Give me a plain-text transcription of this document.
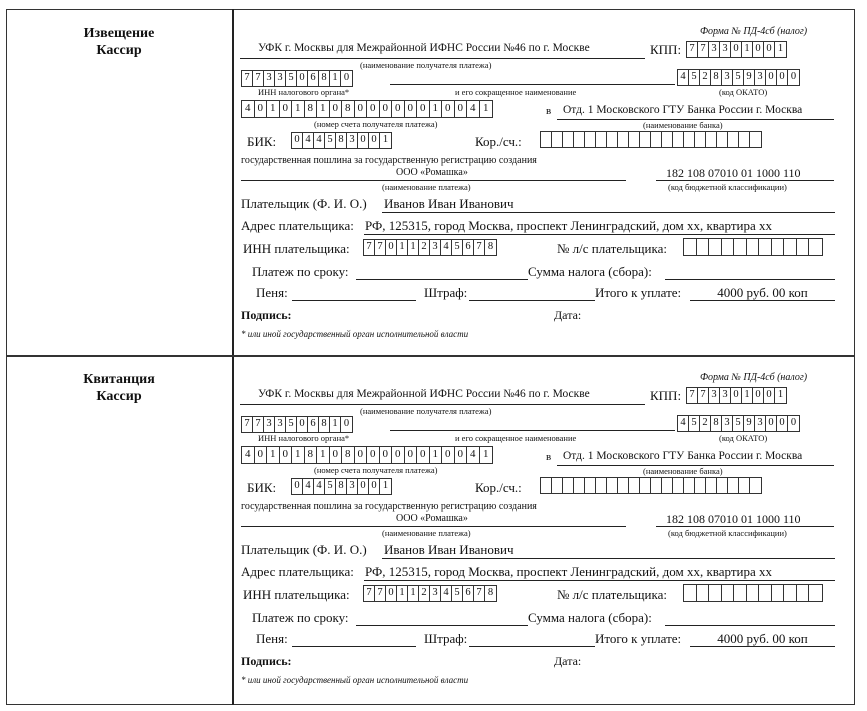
Извещение
Кассир
Форма № ПД-4сб (налог)
УФК г. Москвы для Межрайонной ИФНС России №46 по г. Москве
(наименование получателя платежа)
КПП: 7 7 3 3 0 1 0 0 1
7 7 3 3 5 0 6 8 1 0	4 5 2 8 3 5 9 3 0 0 0
ИНН налогового органа*	и его сокращенное наименование	(код ОКАТО)
4 0 1 0 1 8 1 0 8 0 0 0 0 0 0 1 0 0 4 1	в Отд. 1 Московского ГТУ Банка России г. Москва
(номер счета получателя платежа)	(наименование банка)
БИК: 0 4 4 5 8 3 0 0 1	Кор./сч.:
государственная пошлина за государственную регистрацию создания
ООО «Ромашка»
(наименование платежа)
182 108 07010 01 1000 110
(код бюджетной классификации)
Плательщик (Ф. И. О.) Иванов Иван Иванович
Адрес плательщика: РФ, 125315, город Москва, проспект Ленинградский, дом хх, квартира хх
ИНН плательщика: 7 7 0 1 1 2 3 4 5 6 7 8	№ л/с плательщика:
Платеж по сроку:	Сумма налога (сбора):
Пеня:	Штраф:	Итого к уплате:	4000 руб. 00 коп
Подпись:	Дата:
* или иной государственный орган исполнительной власти
Квитанция
Кассир
Форма № ПД-4сб (налог)
УФК г. Москвы для Межрайонной ИФНС России №46 по г. Москве
(наименование получателя платежа)
КПП: 7 7 3 3 0 1 0 0 1
7 7 3 3 5 0 6 8 1 0	4 5 2 8 3 5 9 3 0 0 0
ИНН налогового органа*	и его сокращенное наименование	(код ОКАТО)
4 0 1 0 1 8 1 0 8 0 0 0 0 0 0 1 0 0 4 1	в Отд. 1 Московского ГТУ Банка России г. Москва
(номер счета получателя платежа)	(наименование банка)
БИК: 0 4 4 5 8 3 0 0 1	Кор./сч.:
государственная пошлина за государственную регистрацию создания
ООО «Ромашка»
(наименование платежа)
182 108 07010 01 1000 110
(код бюджетной классификации)
Плательщик (Ф. И. О.) Иванов Иван Иванович
Адрес плательщика: РФ, 125315, город Москва, проспект Ленинградский, дом хх, квартира хх
ИНН плательщика: 7 7 0 1 1 2 3 4 5 6 7 8	№ л/с плательщика:
Платеж по сроку:	Сумма налога (сбора):
Пеня:	Штраф:	Итого к уплате:	4000 руб. 00 коп
Подпись:	Дата:
* или иной государственный орган исполнительной власти
